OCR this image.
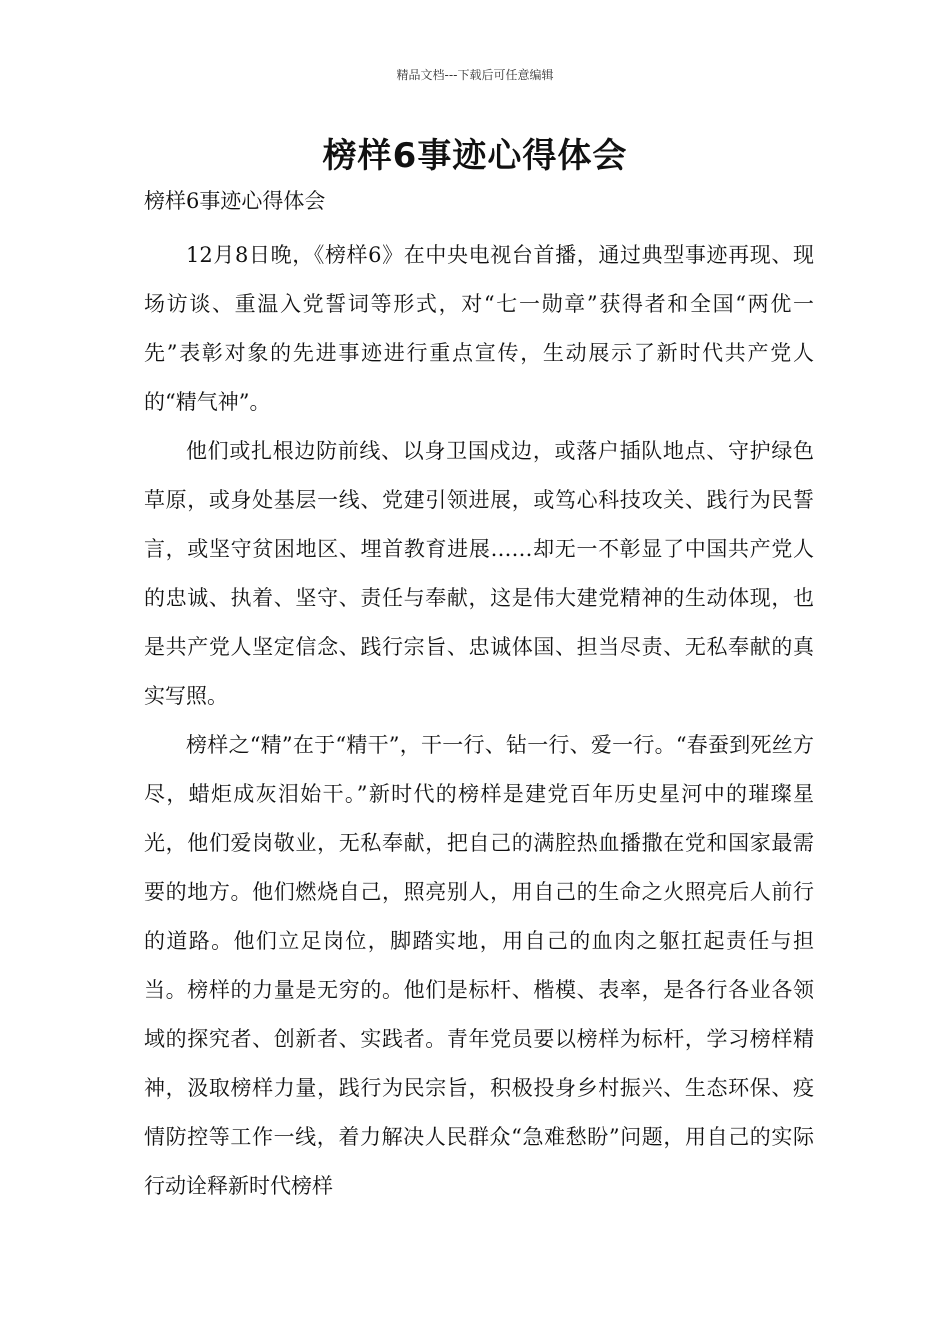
精品文档---下载后可任意编辑
榜样6事迹心得体会

榜样6事迹心得体会

12月8日晚，《榜样6》在中央电视台首播，通过典型事迹再现、现场访谈、重温入党誓词等形式，对“七一勋章”获得者和全国“两优一先”表彰对象的先进事迹进行重点宣传，生动展示了新时代共产党人的“精气神”。

他们或扎根边防前线、以身卫国戍边，或落户插队地点、守护绿色草原，或身处基层一线、党建引领进展，或笃心科技攻关、践行为民誓言，或坚守贫困地区、埋首教育进展……却无一不彰显了中国共产党人的忠诚、执着、坚守、责任与奉献，这是伟大建党精神的生动体现，也是共产党人坚定信念、践行宗旨、忠诚体国、担当尽责、无私奉献的真实写照。

榜样之“精”在于“精干”，干一行、钻一行、爱一行。“春蚕到死丝方尽，蜡炬成灰泪始干。”新时代的榜样是建党百年历史星河中的璀璨星光，他们爱岗敬业，无私奉献，把自己的满腔热血播撒在党和国家最需要的地方。他们燃烧自己，照亮别人，用自己的生命之火照亮后人前行的道路。他们立足岗位，脚踏实地，用自己的血肉之躯扛起责任与担当。榜样的力量是无穷的。他们是标杆、楷模、表率，是各行各业各领域的探究者、创新者、实践者。青年党员要以榜样为标杆，学习榜样精神，汲取榜样力量，践行为民宗旨，积极投身乡村振兴、生态环保、疫情防控等工作一线，着力解决人民群众“急难愁盼”问题，用自己的实际行动诠释新时代榜样
